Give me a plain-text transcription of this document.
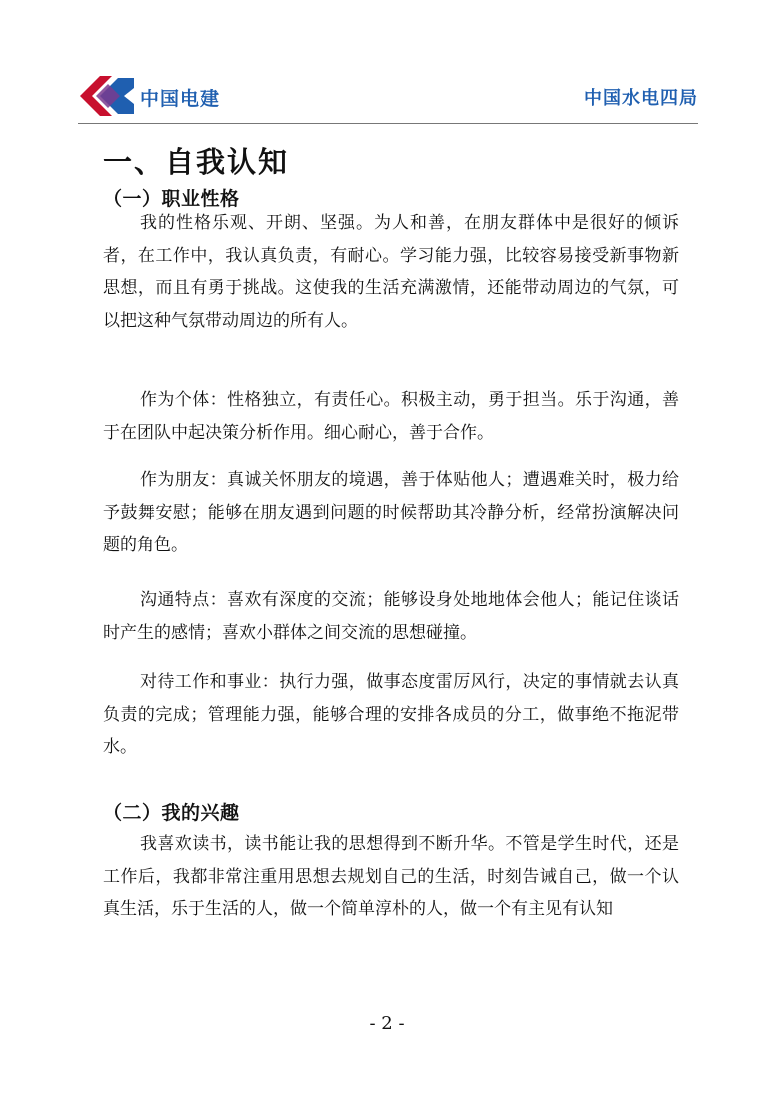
中国电建	中国水电四局
一、自我认知
（一）职业性格

我的性格乐观、开朗、坚强。为人和善，在朋友群体中是很好的倾诉者，在工作中，我认真负责，有耐心。学习能力强，比较容易接受新事物新思想，而且有勇于挑战。这使我的生活充满激情，还能带动周边的气氛，可以把这种气氛带动周边的所有人。

作为个体：性格独立，有责任心。积极主动，勇于担当。乐于沟通，善于在团队中起决策分析作用。细心耐心，善于合作。

作为朋友：真诚关怀朋友的境遇，善于体贴他人；遭遇难关时，极力给予鼓舞安慰；能够在朋友遇到问题的时候帮助其冷静分析，经常扮演解决问题的角色。

沟通特点：喜欢有深度的交流；能够设身处地地体会他人；能记住谈话时产生的感情；喜欢小群体之间交流的思想碰撞。

对待工作和事业：执行力强，做事态度雷厉风行，决定的事情就去认真负责的完成；管理能力强，能够合理的安排各成员的分工，做事绝不拖泥带水。

（二）我的兴趣

我喜欢读书，读书能让我的思想得到不断升华。不管是学生时代，还是工作后，我都非常注重用思想去规划自己的生活，时刻告诫自己，做一个认真生活，乐于生活的人，做一个简单淳朴的人，做一个有主见有认知

- 2 -
